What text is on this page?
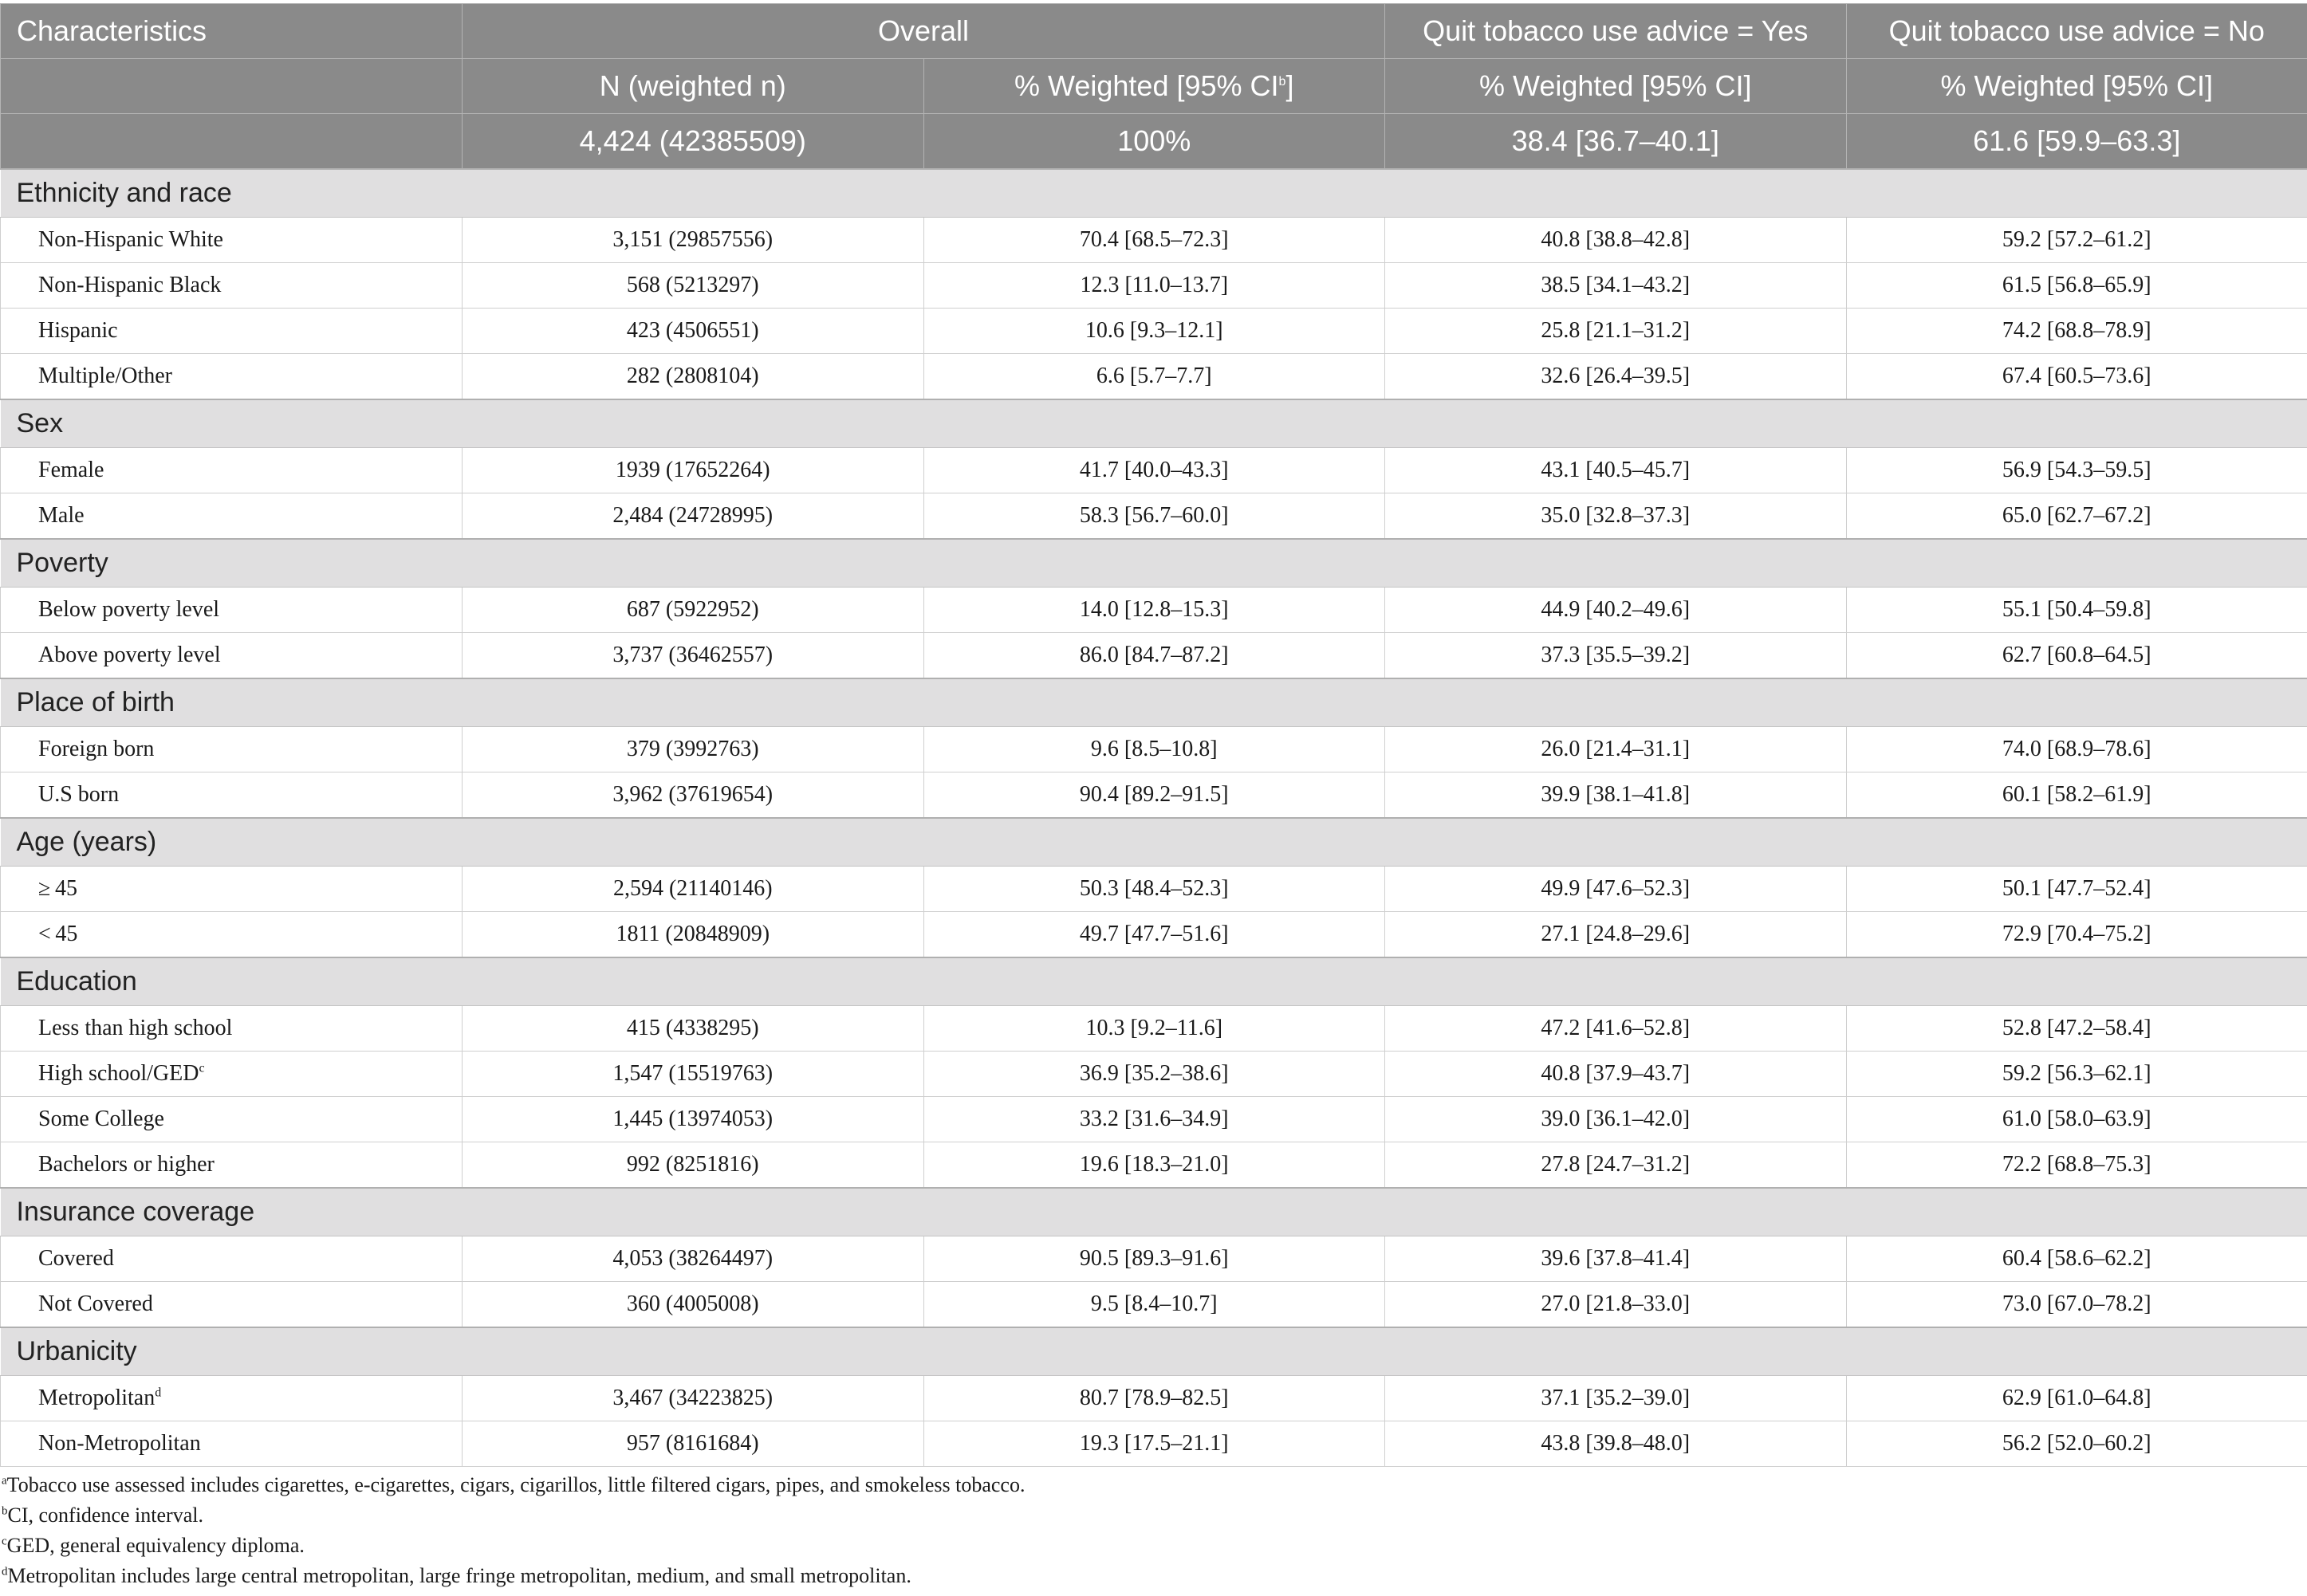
Characteristics	Overall		Quit tobacco use advice = Yes	Quit tobacco use advice = No
	N (weighted n)	% Weighted [95% $CI^b$]	% Weighted [95% CI]	% Weighted [95% CI]
	4,424 (42385509)	100%	38.4 [36.7–40.1]	61.6 [59.9–63.3]
Ethnicity and race				
Non-Hispanic White	3,151 (29857556)	70.4 [68.5–72.3]	40.8 [38.8–42.8]	59.2 [57.2–61.2]
Non-Hispanic Black	568 (5213297)	12.3 [11.0–13.7]	38.5 [34.1–43.2]	61.5 [56.8–65.9]
Hispanic	423 (4506551)	10.6 [9.3–12.1]	25.8 [21.1–31.2]	74.2 [68.8–78.9]
Multiple/Other	282 (2808104)	6.6 [5.7–7.7]	32.6 [26.4–39.5]	67.4 [60.5–73.6]
Sex				
Female	1939 (17652264)	41.7 [40.0–43.3]	43.1 [40.5–45.7]	56.9 [54.3–59.5]
Male	2,484 (24728995)	58.3 [56.7–60.0]	35.0 [32.8–37.3]	65.0 [62.7–67.2]
Poverty				
Below poverty level	687 (5922952)	14.0 [12.8–15.3]	44.9 [40.2–49.6]	55.1 [50.4–59.8]
Above poverty level	3,737 (36462557)	86.0 [84.7–87.2]	37.3 [35.5–39.2]	62.7 [60.8–64.5]
Place of birth				
Foreign born	379 (3992763)	9.6 [8.5–10.8]	26.0 [21.4–31.1]	74.0 [68.9–78.6]
U.S born	3,962 (37619654)	90.4 [89.2–91.5]	39.9 [38.1–41.8]	60.1 [58.2–61.9]
Age (years)				
≥ 45	2,594 (21140146)	50.3 [48.4–52.3]	49.9 [47.6–52.3]	50.1 [47.7–52.4]
< 45	1811 (20848909)	49.7 [47.7–51.6]	27.1 [24.8–29.6]	72.9 [70.4–75.2]
Education				
Less than high school	415 (4338295)	10.3 [9.2–11.6]	47.2 [41.6–52.8]	52.8 [47.2–58.4]
High school/GED$^c$	1,547 (15519763)	36.9 [35.2–38.6]	40.8 [37.9–43.7]	59.2 [56.3–62.1]
Some College	1,445 (13974053)	33.2 [31.6–34.9]	39.0 [36.1–42.0]	61.0 [58.0–63.9]
Bachelors or higher	992 (8251816)	19.6 [18.3–21.0]	27.8 [24.7–31.2]	72.2 [68.8–75.3]
Insurance coverage				
Covered	4,053 (38264497)	90.5 [89.3–91.6]	39.6 [37.8–41.4]	60.4 [58.6–62.2]
Not Covered	360 (4005008)	9.5 [8.4–10.7]	27.0 [21.8–33.0]	73.0 [67.0–78.2]
Urbanicity				
Metropolitan$^d$	3,467 (34223825)	80.7 [78.9–82.5]	37.1 [35.2–39.0]	62.9 [61.0–64.8]
Non-Metropolitan	957 (8161684)	19.3 [17.5–21.1]	43.8 [39.8–48.0]	56.2 [52.0–60.2]
$^a$Tobacco use assessed includes cigarettes, e-cigarettes, cigars, cigarillos, little filtered cigars, pipes, and smokeless tobacco.
$^b$CI, confidence interval.
$^c$GED, general equivalency diploma.
$^d$Metropolitan includes large central metropolitan, large fringe metropolitan, medium, and small metropolitan.
